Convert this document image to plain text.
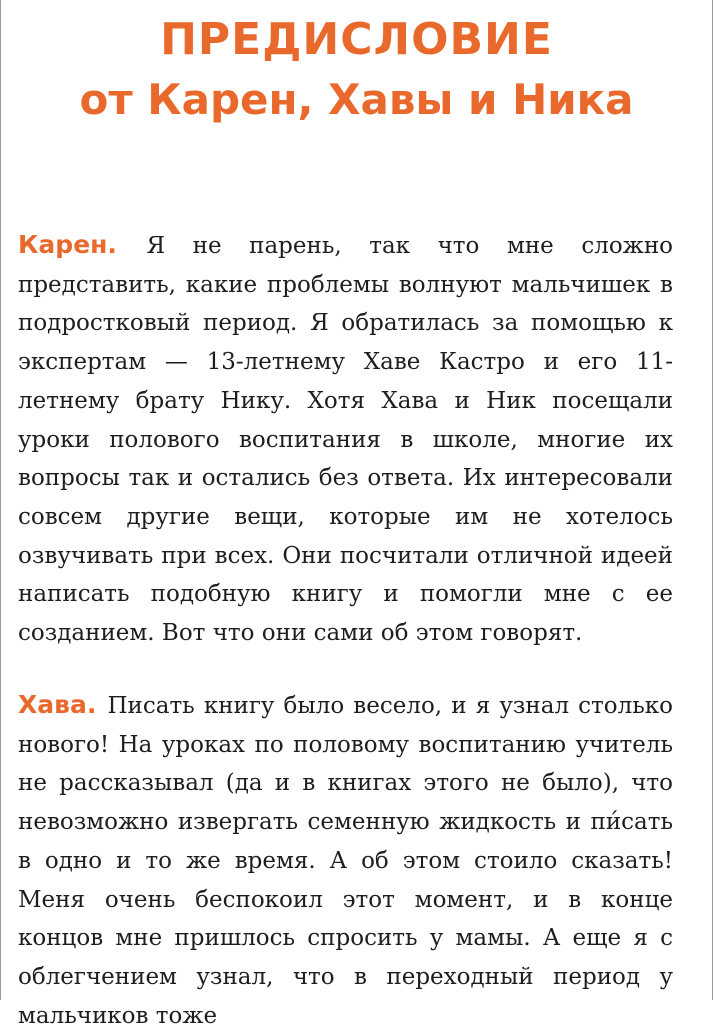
ПРЕДИСЛОВИЕ
от Карен, Хавы и Ника

Карен. Я не парень, так что мне сложно представить, какие проблемы волнуют мальчишек в подростковый период. Я обратилась за помощью к экспертам — 13-летнему Хаве Кастро и его 11-летнему брату Нику. Хотя Хава и Ник посещали уроки полового воспитания в школе, многие их вопросы так и остались без ответа. Их интересовали совсем другие вещи, которые им не хотелось озвучивать при всех. Они посчитали отличной идеей написать подобную книгу и помогли мне с ее созданием. Вот что они сами об этом говорят.

Хава. Писать книгу было весело, и я узнал столько нового! На уроках по половому воспитанию учитель не рассказывал (да и в книгах этого не было), что невозможно извергать семенную жидкость и пи́сать в одно и то же время. А об этом стоило сказать! Меня очень беспокоил этот момент, и в конце концов мне пришлось спросить у мамы. А еще я с облегчением узнал, что в переходный период у мальчиков тоже
